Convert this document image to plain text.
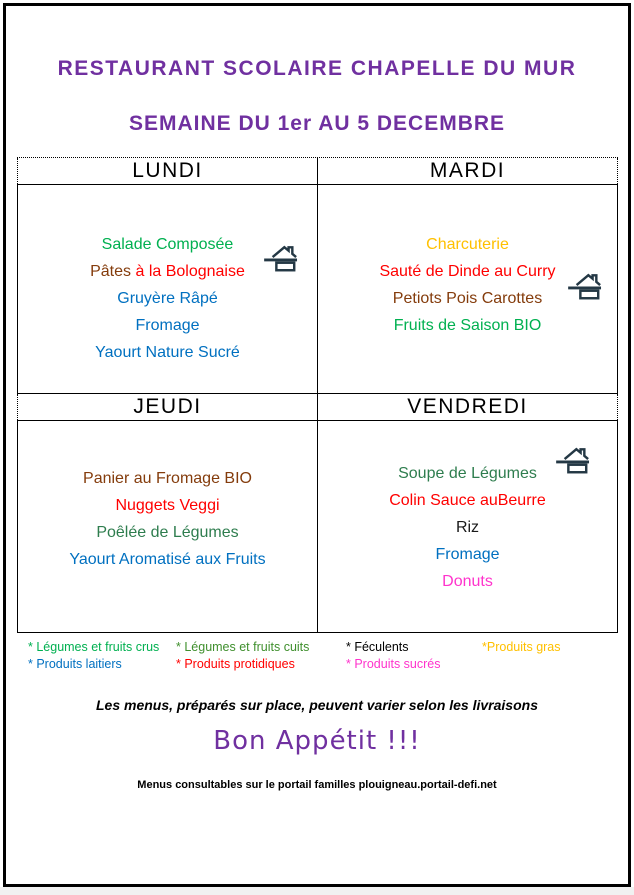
RESTAURANT SCOLAIRE CHAPELLE DU MUR
SEMAINE DU 1er AU 5 DECEMBRE
LUNDI	MARDI
Salade Composée
Pâtes à la Bolognaise
Gruyère Râpé
Fromage
Yaourt Nature Sucré
Charcuterie
Sauté de Dinde au Curry
Petiots Pois Carottes
Fruits de Saison BIO
JEUDI	VENDREDI
Panier au Fromage BIO
Nuggets Veggi
Poêlée de Légumes
Yaourt Aromatisé aux Fruits
Soupe de Légumes
Colin Sauce auBeurre
Riz
Fromage
Donuts
* Légumes et fruits crus	* Légumes et fruits cuits	* Féculents	*Produits gras
* Produits laitiers	* Produits protidiques	* Produits sucrés
Les menus, préparés sur place, peuvent varier selon les livraisons
Bon Appétit !!!
Menus consultables sur le portail familles plouigneau.portail-defi.net
